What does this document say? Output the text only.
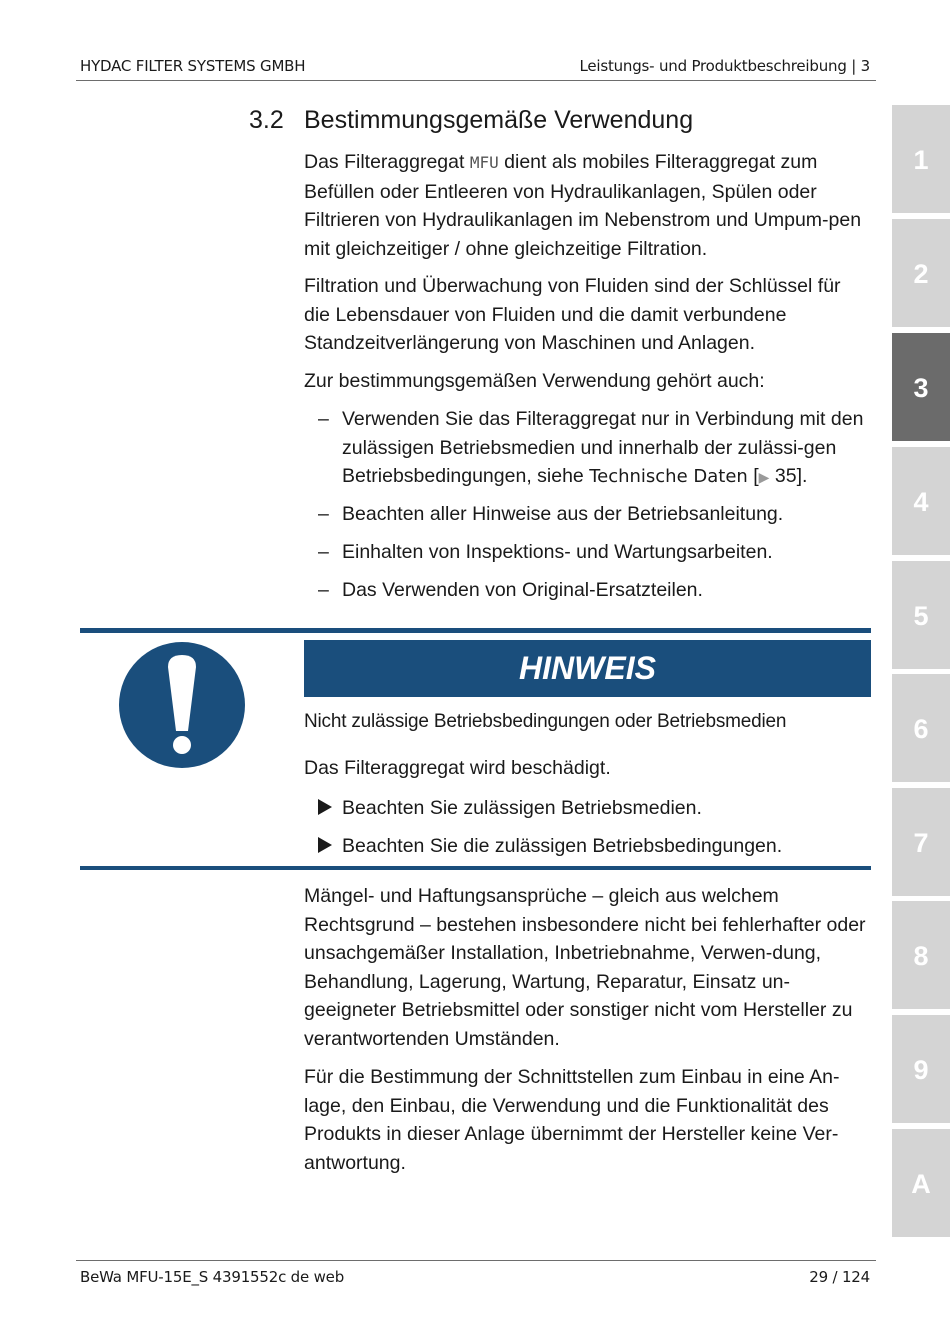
HYDAC FILTER SYSTEMS GMBH	Leistungs- und Produktbeschreibung | 3
3.2 Bestimmungsgemäße Verwendung

Das Filteraggregat MFU dient als mobiles Filteraggregat zum Befüllen oder Entleeren von Hydraulikanlagen, Spülen oder Filtrieren von Hydraulikanlagen im Nebenstrom und Umpum-pen mit gleichzeitiger / ohne gleichzeitige Filtration.

Filtration und Überwachung von Fluiden sind der Schlüssel für die Lebensdauer von Fluiden und die damit verbundene Standzeitverlängerung von Maschinen und Anlagen.
Zur bestimmungsgemäßen Verwendung gehört auch:
– Verwenden Sie das Filteraggregat nur in Verbindung mit den zulässigen Betriebsmedien und innerhalb der zulässi-gen Betriebsbedingungen, siehe Technische Daten [▶ 35].
– Beachten aller Hinweise aus der Betriebsanleitung.
– Einhalten von Inspektions- und Wartungsarbeiten.
– Das Verwenden von Original-Ersatzteilen.
HINWEIS
Nicht zulässige Betriebsbedingungen oder Betriebsmedien
Das Filteraggregat wird beschädigt.
Beachten Sie zulässigen Betriebsmedien.
Beachten Sie die zulässigen Betriebsbedingungen.
Mängel- und Haftungsansprüche – gleich aus welchem Rechtsgrund – bestehen insbesondere nicht bei fehlerhafter oder unsachgemäßer Installation, Inbetriebnahme, Verwen-dung, Behandlung, Lagerung, Wartung, Reparatur, Einsatz un-geeigneter Betriebsmittel oder sonstiger nicht vom Hersteller zu verantwortenden Umständen.
Für die Bestimmung der Schnittstellen zum Einbau in eine An-lage, den Einbau, die Verwendung und die Funktionalität des Produkts in dieser Anlage übernimmt der Hersteller keine Ver-antwortung.
1
2
3
4
5
6
7
8
9
A
BeWa MFU-15E_S 4391552c de web	29 / 124
